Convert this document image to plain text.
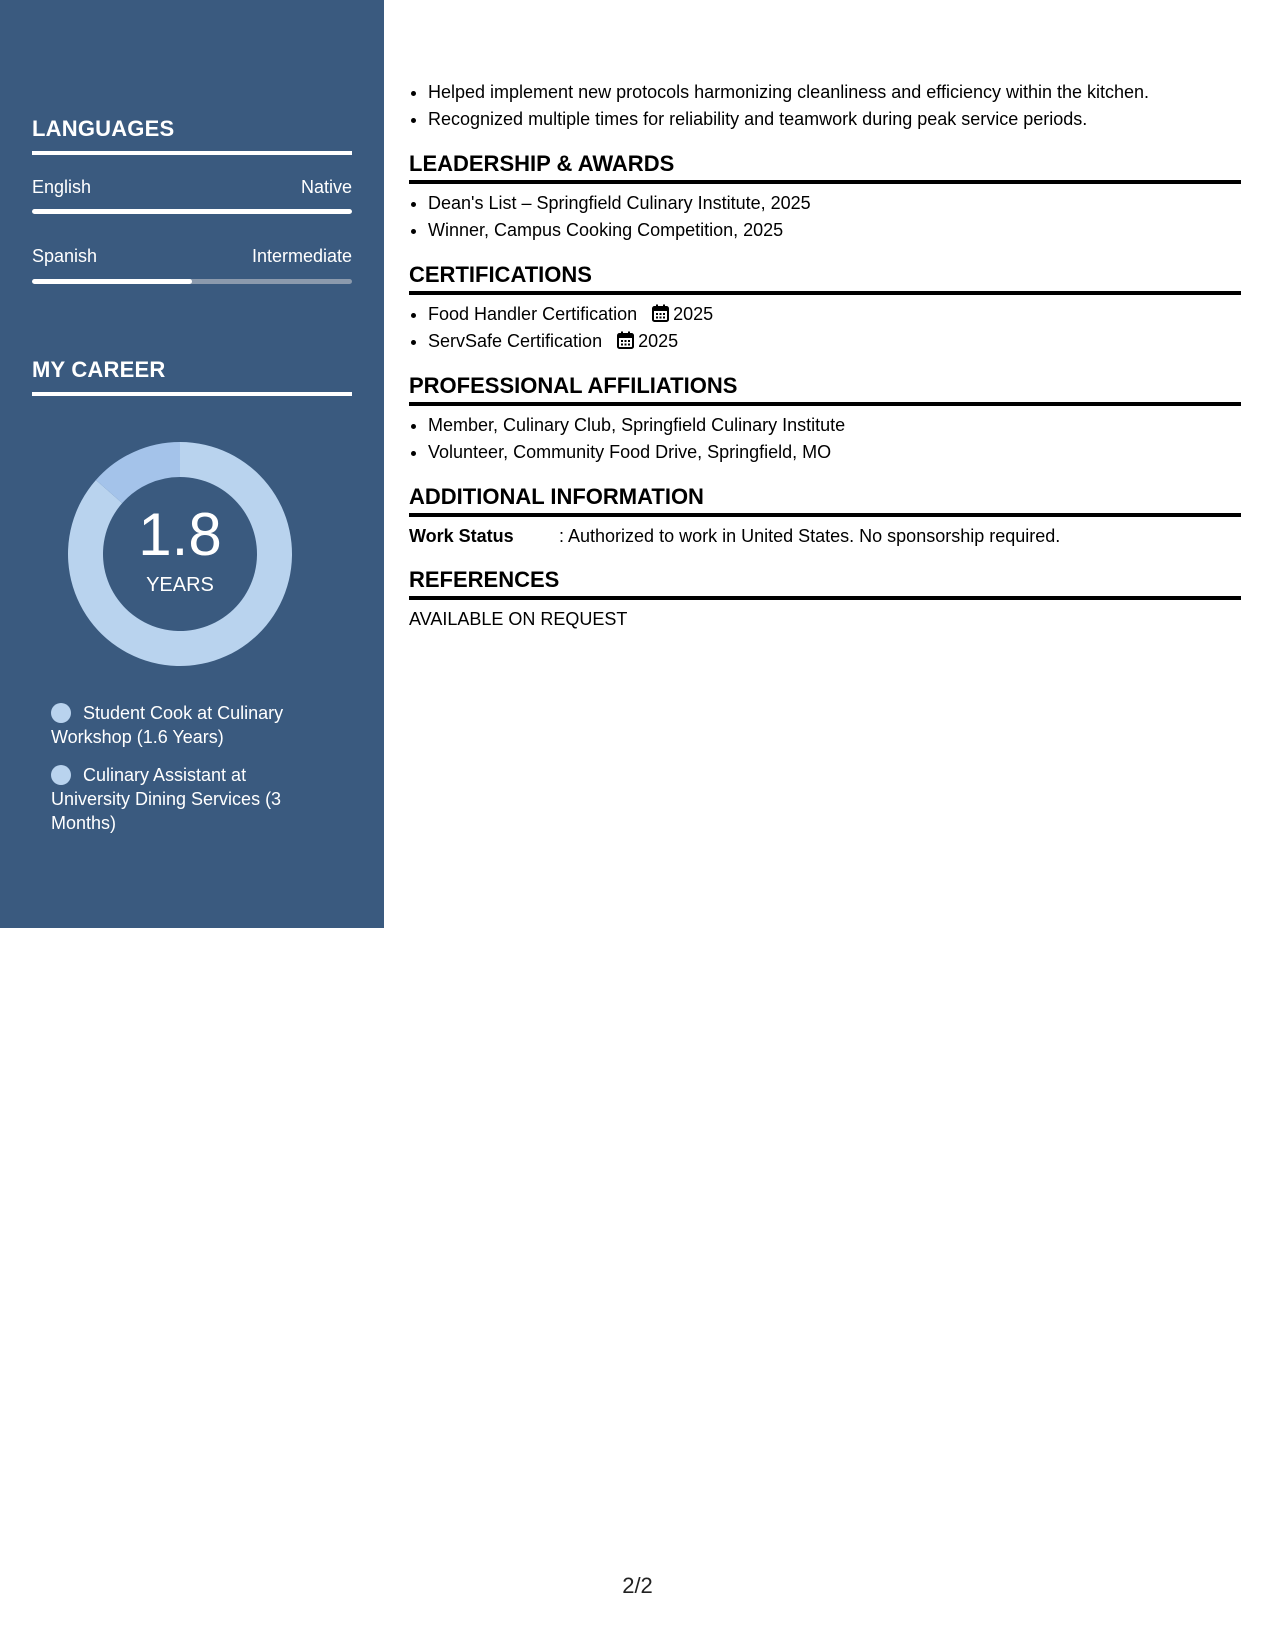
LANGUAGES
English	Native
Spanish	Intermediate
MY CAREER
1.8
YEARS
Student Cook at Culinary Workshop (1.6 Years)
Culinary Assistant at University Dining Services (3 Months)
• Helped implement new protocols harmonizing cleanliness and efficiency within the kitchen.
• Recognized multiple times for reliability and teamwork during peak service periods.
LEADERSHIP & AWARDS
• Dean's List – Springfield Culinary Institute, 2025
• Winner, Campus Cooking Competition, 2025
CERTIFICATIONS
• Food Handler Certification 2025
• ServSafe Certification 2025
PROFESSIONAL AFFILIATIONS
• Member, Culinary Club, Springfield Culinary Institute
• Volunteer, Community Food Drive, Springfield, MO
ADDITIONAL INFORMATION
Work Status	: Authorized to work in United States. No sponsorship required.
REFERENCES
AVAILABLE ON REQUEST
2/2
